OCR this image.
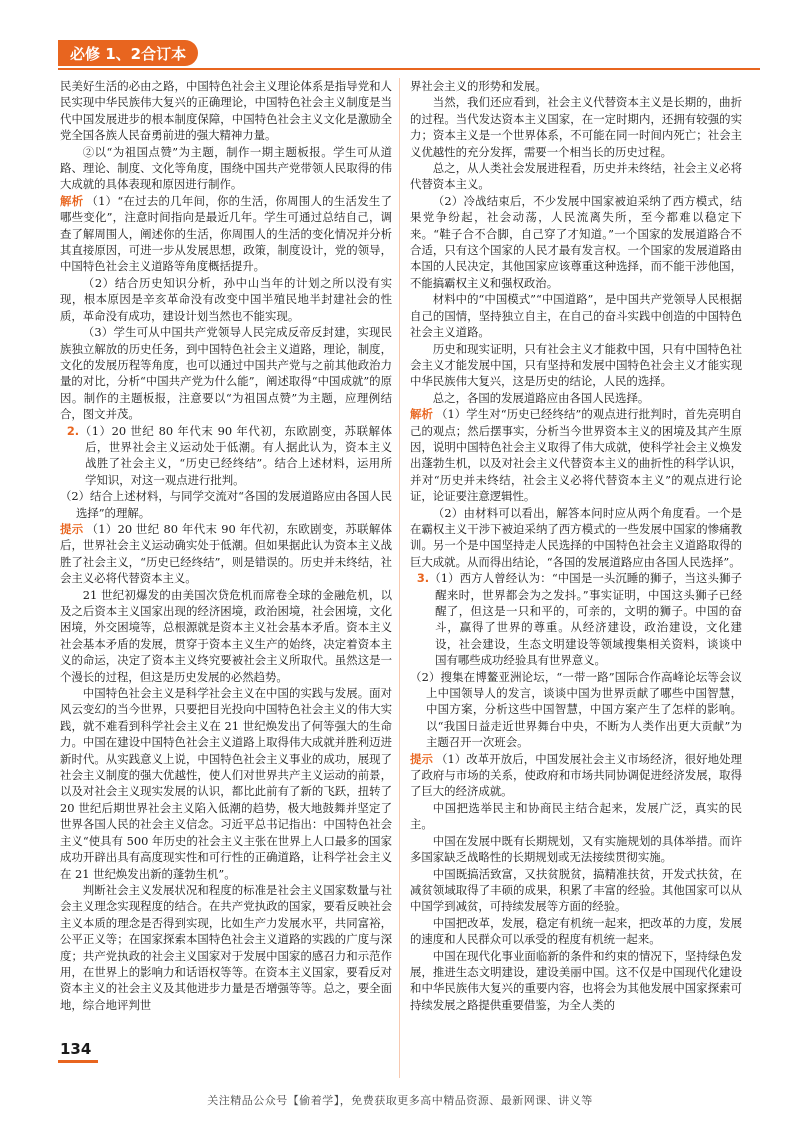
必修 1、2合订本

民美好生活的必由之路，中国特色社会主义理论体系是指导党和人民实现中华民族伟大复兴的正确理论，中国特色社会主义制度是当代中国发展进步的根本制度保障，中国特色社会主义文化是激励全党全国各族人民奋勇前进的强大精神力量。

②以“为祖国点赞”为主题，制作一期主题板报。学生可从道路、理论、制度、文化等角度，围绕中国共产党带领人民取得的伟大成就的具体表现和原因进行制作。

解析 （1）“在过去的几年间，你的生活，你周围人的生活发生了哪些变化”，注意时间指向是最近几年。学生可通过总结自己，调查了解周围人，阐述你的生活，你周围人的生活的变化情况并分析其直接原因，可进一步从发展思想，政策，制度设计，党的领导，中国特色社会主义道路等角度概括提升。

（2）结合历史知识分析，孙中山当年的计划之所以没有实现，根本原因是辛亥革命没有改变中国半殖民地半封建社会的性质，革命没有成功，建设计划当然也不能实现。

（3）学生可从中国共产党领导人民完成反帝反封建，实现民族独立解放的历史任务，到中国特色社会主义道路，理论，制度，文化的发展历程等角度，也可以通过中国共产党与之前其他政治力量的对比，分析“中国共产党为什么能”，阐述取得“中国成就”的原因。制作的主题板报，注意要以“为祖国点赞”为主题，应理例结合，图文并茂。

2.（1）20 世纪 80 年代末 90 年代初，东欧剧变，苏联解体后，世界社会主义运动处于低潮。有人据此认为，资本主义战胜了社会主义，“历史已经终结”。结合上述材料，运用所学知识，对这一观点进行批判。

（2）结合上述材料，与同学交流对“各国的发展道路应由各国人民选择”的理解。

提示 （1）20 世纪 80 年代末 90 年代初，东欧剧变，苏联解体后，世界社会主义运动确实处于低潮。但如果据此认为资本主义战胜了社会主义，“历史已经终结”，则是错误的。历史并未终结，社会主义必将代替资本主义。

21 世纪初爆发的由美国次贷危机而席卷全球的金融危机，以及之后资本主义国家出现的经济困境，政治困境，社会困境，文化困境，外交困境等，总根源就是资本主义社会基本矛盾。资本主义社会基本矛盾的发展，贯穿于资本主义生产的始终，决定着资本主义的命运，决定了资本主义终究要被社会主义所取代。虽然这是一个漫长的过程，但这是历史发展的必然趋势。

中国特色社会主义是科学社会主义在中国的实践与发展。面对风云变幻的当今世界，只要把目光投向中国特色社会主义的伟大实践，就不难看到科学社会主义在 21 世纪焕发出了何等强大的生命力。中国在建设中国特色社会主义道路上取得伟大成就并胜利迈进新时代。从实践意义上说，中国特色社会主义事业的成功，展现了社会主义制度的强大优越性，使人们对世界共产主义运动的前景，以及对社会主义现实发展的认识，都比此前有了新的飞跃，扭转了 20 世纪后期世界社会主义陷入低潮的趋势，极大地鼓舞并坚定了世界各国人民的社会主义信念。习近平总书记指出：中国特色社会主义“使具有 500 年历史的社会主义主张在世界上人口最多的国家成功开辟出具有高度现实性和可行性的正确道路，让科学社会主义在 21 世纪焕发出新的蓬勃生机”。

判断社会主义发展状况和程度的标准是社会主义国家数量与社会主义理念实现程度的结合。在共产党执政的国家，要看反映社会主义本质的理念是否得到实现，比如生产力发展水平，共同富裕，公平正义等；在国家探索本国特色社会主义道路的实践的广度与深度；共产党执政的社会主义国家对于发展中国家的感召力和示范作用，在世界上的影响力和话语权等等。在资本主义国家，要看反对资本主义的社会主义及其他进步力量是否增强等等。总之，要全面地，综合地评判世

界社会主义的形势和发展。

当然，我们还应看到，社会主义代替资本主义是长期的，曲折的过程。当代发达资本主义国家，在一定时期内，还拥有较强的实力；资本主义是一个世界体系，不可能在同一时间内死亡；社会主义优越性的充分发挥，需要一个相当长的历史过程。

总之，从人类社会发展进程看，历史并未终结，社会主义必将代替资本主义。

（2）冷战结束后，不少发展中国家被迫采纳了西方模式，结果党争纷起，社会动荡，人民流离失所，至今都难以稳定下来。“鞋子合不合脚，自己穿了才知道。”一个国家的发展道路合不合适，只有这个国家的人民才最有发言权。一个国家的发展道路由本国的人民决定，其他国家应该尊重这种选择，而不能干涉他国，不能搞霸权主义和强权政治。

材料中的“中国模式”“中国道路”，是中国共产党领导人民根据自己的国情，坚持独立自主，在自己的奋斗实践中创造的中国特色社会主义道路。

历史和现实证明，只有社会主义才能救中国，只有中国特色社会主义才能发展中国，只有坚持和发展中国特色社会主义才能实现中华民族伟大复兴，这是历史的结论，人民的选择。

总之，各国的发展道路应由各国人民选择。

解析 （1）学生对“历史已经终结”的观点进行批判时，首先亮明自己的观点；然后摆事实，分析当今世界资本主义的困境及其产生原因，说明中国特色社会主义取得了伟大成就，使科学社会主义焕发出蓬勃生机，以及对社会主义代替资本主义的曲折性的科学认识，并对“历史并未终结，社会主义必将代替资本主义”的观点进行论证，论证要注意逻辑性。

（2）由材料可以看出，解答本问时应从两个角度看。一个是在霸权主义干涉下被迫采纳了西方模式的一些发展中国家的惨痛教训。另一个是中国坚持走人民选择的中国特色社会主义道路取得的巨大成就。从而得出结论，“各国的发展道路应由各国人民选择”。

3.（1）西方人曾经认为：“中国是一头沉睡的狮子，当这头狮子醒来时，世界都会为之发抖。”事实证明，中国这头狮子已经醒了，但这是一只和平的，可亲的，文明的狮子。中国的奋斗，赢得了世界的尊重。从经济建设，政治建设，文化建设，社会建设，生态文明建设等领域搜集相关资料，谈谈中国有哪些成功经验具有世界意义。

（2）搜集在博鳌亚洲论坛，“一带一路”国际合作高峰论坛等会议上中国领导人的发言，谈谈中国为世界贡献了哪些中国智慧，中国方案，分析这些中国智慧，中国方案产生了怎样的影响。以“我国日益走近世界舞台中央，不断为人类作出更大贡献”为主题召开一次班会。

提示 （1）改革开放后，中国发展社会主义市场经济，很好地处理了政府与市场的关系，使政府和市场共同协调促进经济发展，取得了巨大的经济成就。

中国把选举民主和协商民主结合起来，发展广泛，真实的民主。

中国在发展中既有长期规划，又有实施规划的具体举措。而许多国家缺乏战略性的长期规划或无法接续贯彻实施。

中国既搞活致富，又扶贫脱贫，搞精准扶贫，开发式扶贫，在减贫领域取得了丰硕的成果，积累了丰富的经验。其他国家可以从中国学到减贫，可持续发展等方面的经验。

中国把改革，发展，稳定有机统一起来，把改革的力度，发展的速度和人民群众可以承受的程度有机统一起来。

中国在现代化事业面临新的条件和约束的情况下，坚持绿色发展，推进生态文明建设，建设美丽中国。这不仅是中国现代化建设和中华民族伟大复兴的重要内容，也将会为其他发展中国家探索可持续发展之路提供重要借鉴，为全人类的

134
关注精品公众号【偷着学】，免费获取更多高中精品资源、最新网课、讲义等
